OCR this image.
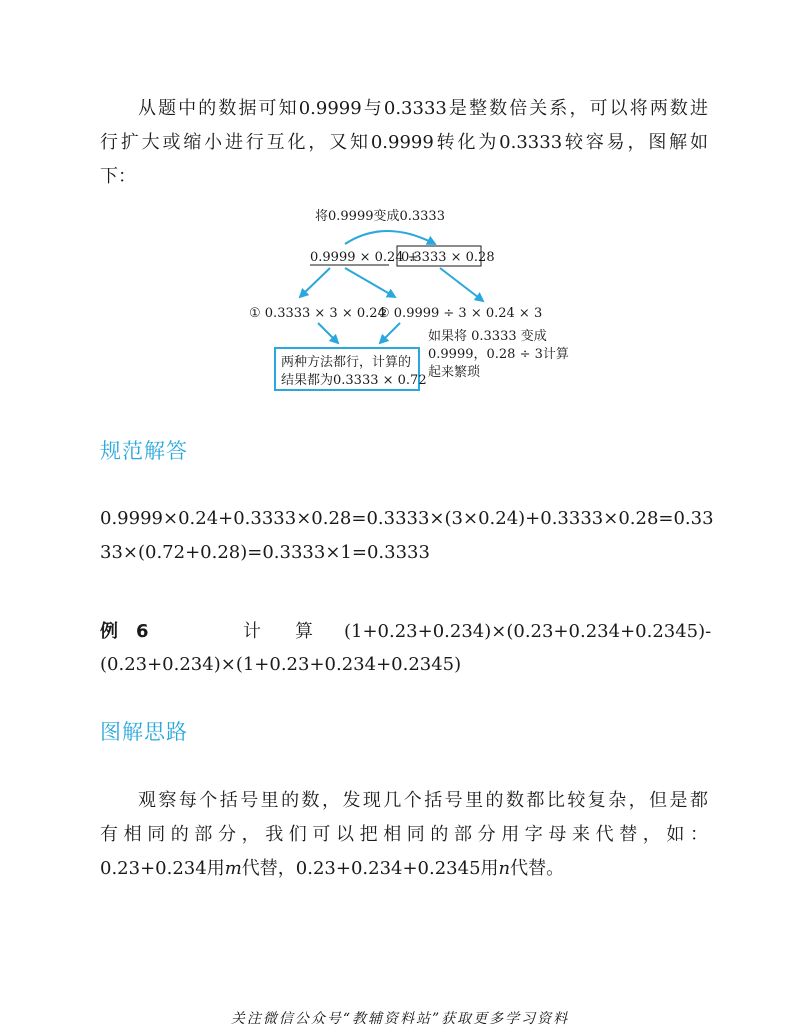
从题中的数据可知0.9999与0.3333是整数倍关系，可以将两数进
行扩大或缩小进行互化，又知0.9999转化为0.3333较容易，图解如
下：
将0.9999变成0.3333
0.9999 × 0.24 +
0.3333 × 0.28
① 0.3333 × 3 × 0.24
② 0.9999 ÷ 3 × 0.24 × 3
如果将 0.3333 变成
0.9999，0.28 ÷ 3计算
起来繁琐
两种方法都行，计算的
结果都为0.3333 × 0.72
规范解答
0.9999×0.24+0.3333×0.28=0.3333×(3×0.24)+0.3333×0.28=0.33
33×(0.72+0.28)=0.3333×1=0.3333
例　6	计 算 (1+0.23+0.234)×(0.23+0.234+0.2345)-
(0.23+0.234)×(1+0.23+0.234+0.2345)
图解思路
观察每个括号里的数，发现几个括号里的数都比较复杂，但是都
有相同的部分，我们可以把相同的部分用字母来代替，如：
0.23+0.234用m代替，0.23+0.234+0.2345用n代替。
关注微信公众号“教辅资料站”获取更多学习资料
